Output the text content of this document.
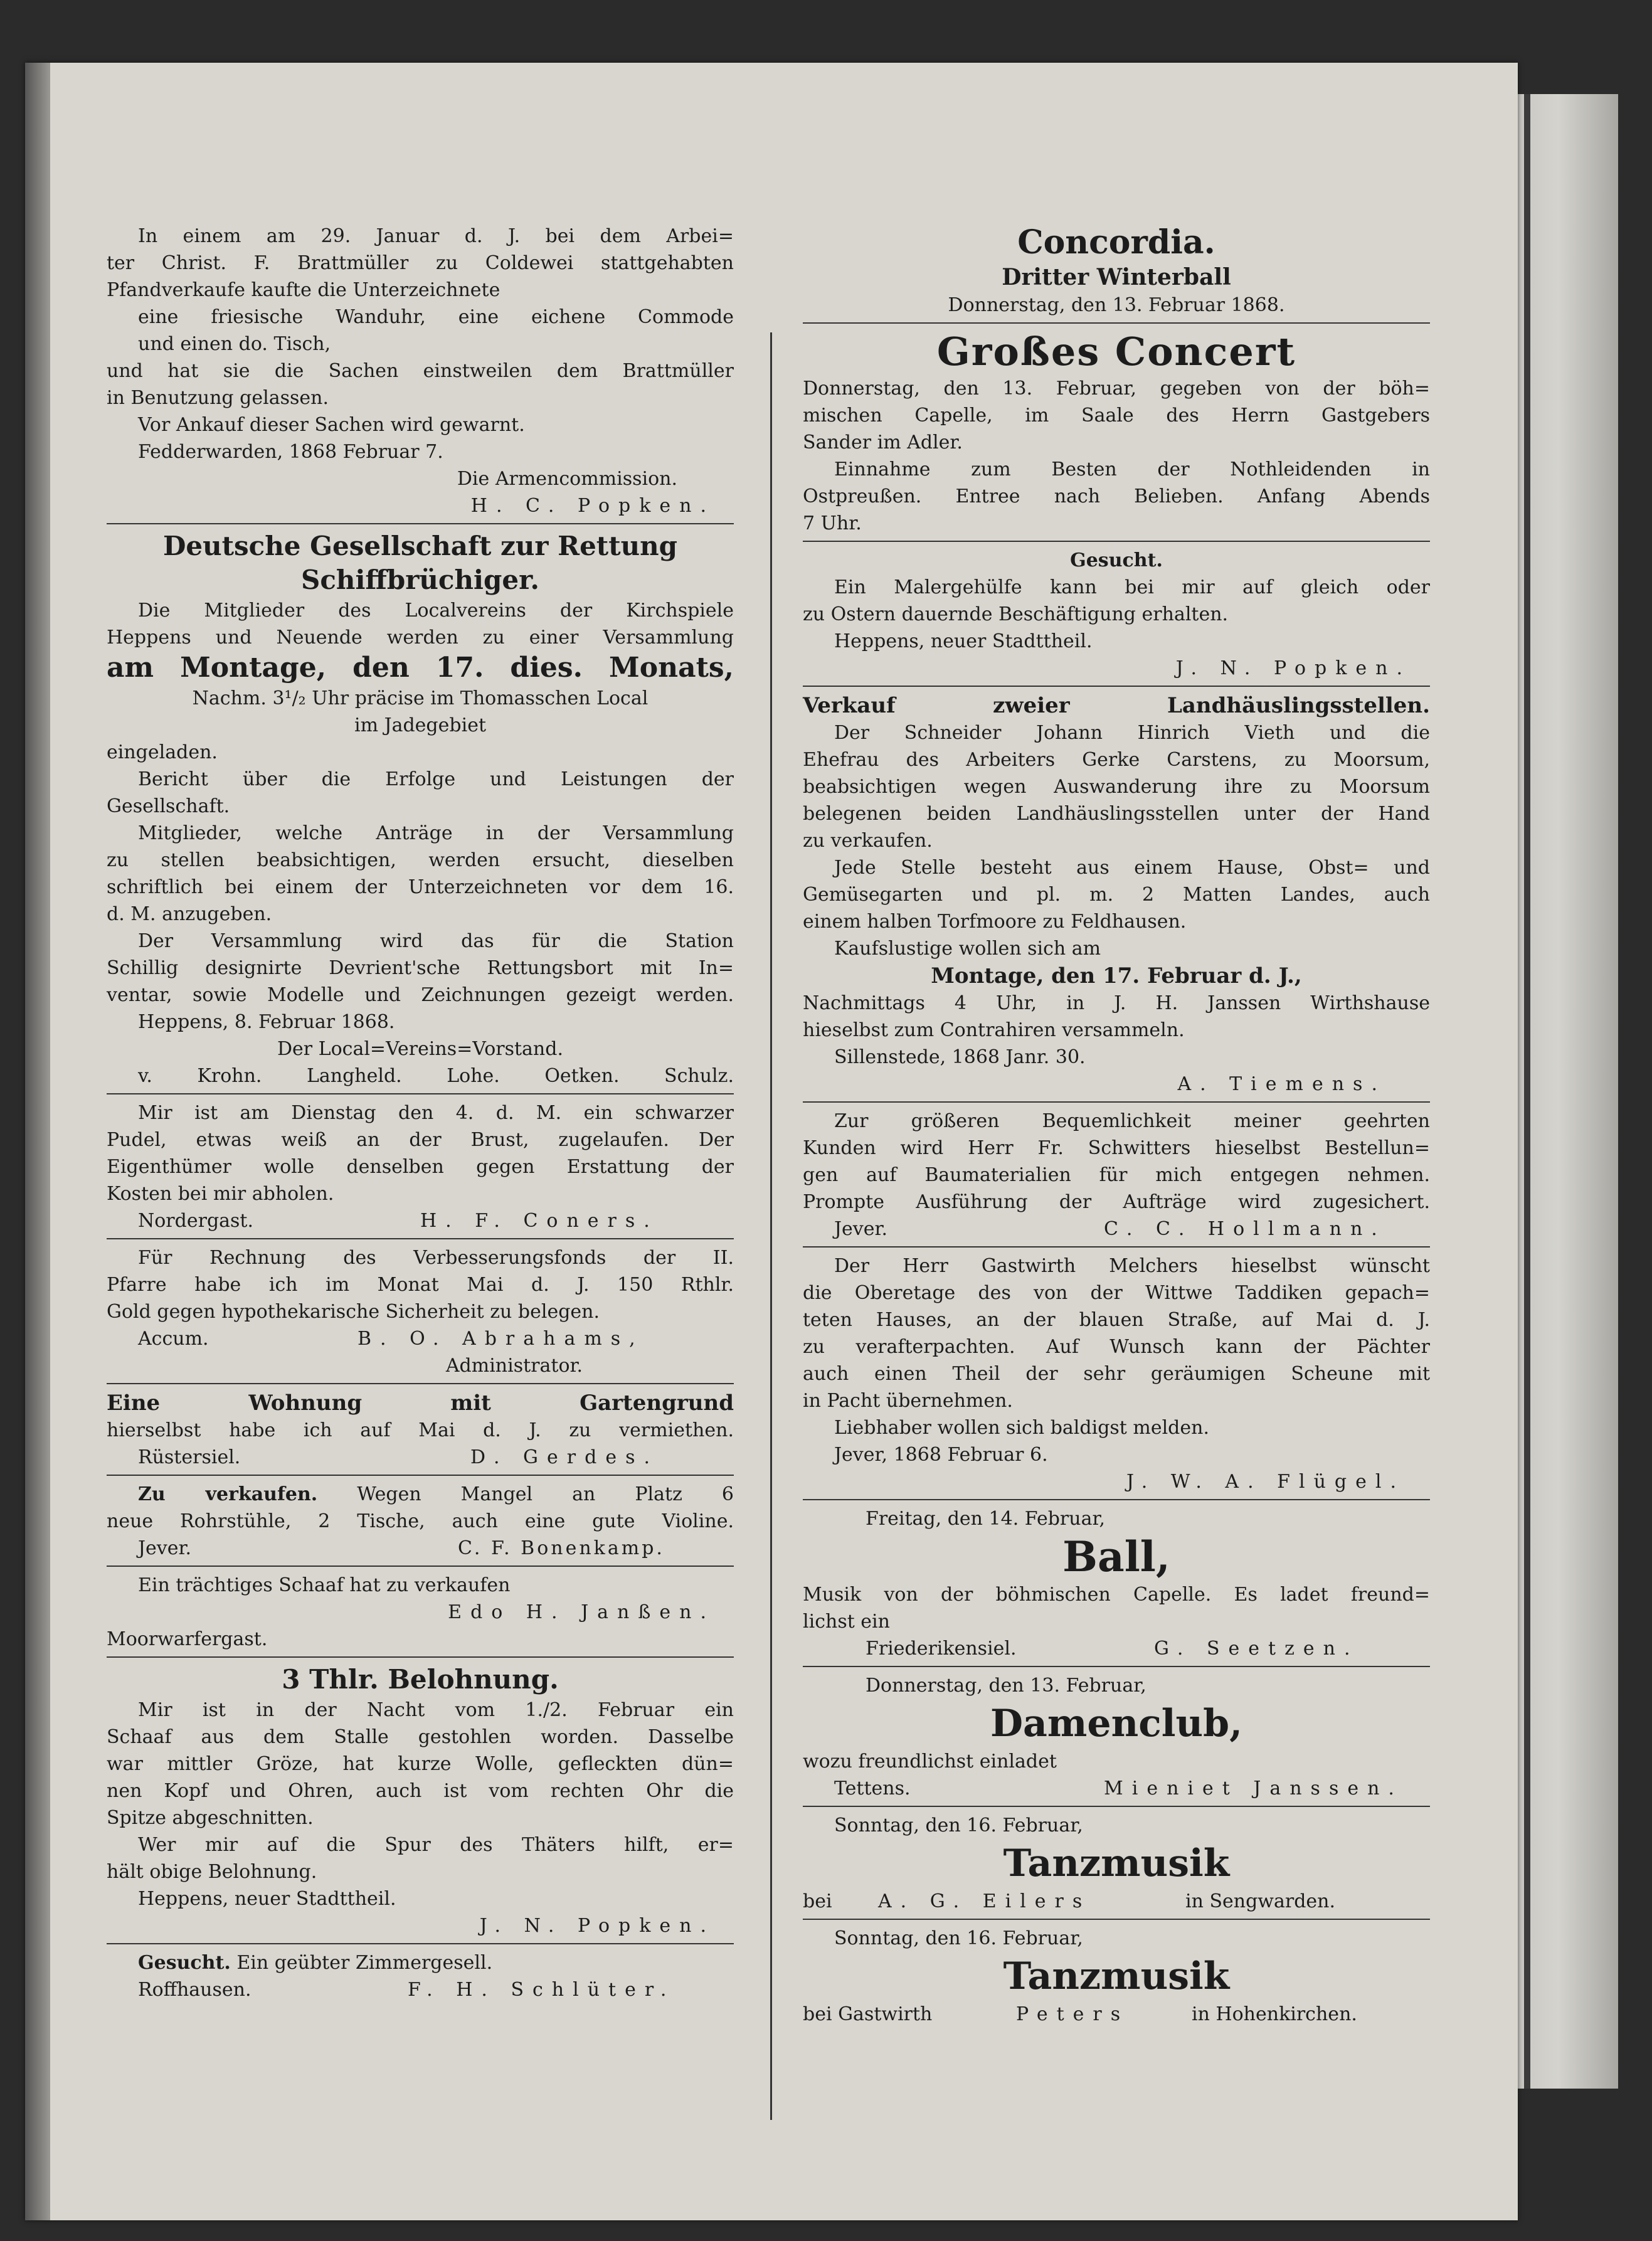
In einem am 29. Januar d. J. bei dem Arbei=
ter Christ. F. Brattmüller zu Coldewei stattgehabten
Pfandverkaufe kaufte die Unterzeichnete
eine friesische Wanduhr, eine eichene Commode
und einen do. Tisch,
und hat sie die Sachen einstweilen dem Brattmüller
in Benutzung gelassen.
Vor Ankauf dieser Sachen wird gewarnt.
Fedderwarden, 1868 Februar 7.
Die Armencommission.
H. C. Popken.
Deutsche Gesellschaft zur Rettung
Schiffbrüchiger.
Die Mitglieder des Localvereins der Kirchspiele
Heppens und Neuende werden zu einer Versammlung
am Montage, den 17. dies. Monats,
Nachm. 3¹/₂ Uhr präcise im Thomasschen Local
im Jadegebiet
eingeladen.
Bericht über die Erfolge und Leistungen der
Gesellschaft.
Mitglieder, welche Anträge in der Versammlung
zu stellen beabsichtigen, werden ersucht, dieselben
schriftlich bei einem der Unterzeichneten vor dem 16.
d. M. anzugeben.
Der Versammlung wird das für die Station
Schillig designirte Devrient'sche Rettungsbort mit In=
ventar, sowie Modelle und Zeichnungen gezeigt werden.
Heppens, 8. Februar 1868.
Der Local=Vereins=Vorstand.
v. Krohn. Langheld. Lohe. Oetken. Schulz.
Mir ist am Dienstag den 4. d. M. ein schwarzer
Pudel, etwas weiß an der Brust, zugelaufen. Der
Eigenthümer wolle denselben gegen Erstattung der
Kosten bei mir abholen.
Nordergast.	H. F. Coners.
Für Rechnung des Verbesserungsfonds der II.
Pfarre habe ich im Monat Mai d. J. 150 Rthlr.
Gold gegen hypothekarische Sicherheit zu belegen.
Accum.	B. O. Abrahams,
Administrator.
Eine Wohnung mit Gartengrund
hierselbst habe ich auf Mai d. J. zu vermiethen.
Rüstersiel.	D. Gerdes.
Zu verkaufen. Wegen Mangel an Platz 6
neue Rohrstühle, 2 Tische, auch eine gute Violine.
Jever.	C. F. Bonenkamp.
Ein trächtiges Schaaf hat zu verkaufen
Edo H. Janßen.
Moorwarfergast.
3 Thlr. Belohnung.
Mir ist in der Nacht vom 1./2. Februar ein
Schaaf aus dem Stalle gestohlen worden. Dasselbe
war mittler Gröze, hat kurze Wolle, gefleckten dün=
nen Kopf und Ohren, auch ist vom rechten Ohr die
Spitze abgeschnitten.
Wer mir auf die Spur des Thäters hilft, er=
hält obige Belohnung.
Heppens, neuer Stadttheil.
J. N. Popken.
Gesucht. Ein geübter Zimmergesell.
Roffhausen.	F. H. Schlüter.
Concordia.
Dritter Winterball
Donnerstag, den 13. Februar 1868.
Großes Concert
Donnerstag, den 13. Februar, gegeben von der böh=
mischen Capelle, im Saale des Herrn Gastgebers
Sander im Adler.
Einnahme zum Besten der Nothleidenden in
Ostpreußen. Entree nach Belieben. Anfang Abends
7 Uhr.
Gesucht.
Ein Malergehülfe kann bei mir auf gleich oder
zu Ostern dauernde Beschäftigung erhalten.
Heppens, neuer Stadttheil.
J. N. Popken.
Verkauf zweier Landhäuslingsstellen.
Der Schneider Johann Hinrich Vieth und die
Ehefrau des Arbeiters Gerke Carstens, zu Moorsum,
beabsichtigen wegen Auswanderung ihre zu Moorsum
belegenen beiden Landhäuslingsstellen unter der Hand
zu verkaufen.
Jede Stelle besteht aus einem Hause, Obst= und
Gemüsegarten und pl. m. 2 Matten Landes, auch
einem halben Torfmoore zu Feldhausen.
Kaufslustige wollen sich am
Montage, den 17. Februar d. J.,
Nachmittags 4 Uhr, in J. H. Janssen Wirthshause
hieselbst zum Contrahiren versammeln.
Sillenstede, 1868 Janr. 30.
A. Tiemens.
Zur größeren Bequemlichkeit meiner geehrten
Kunden wird Herr Fr. Schwitters hieselbst Bestellun=
gen auf Baumaterialien für mich entgegen nehmen.
Prompte Ausführung der Aufträge wird zugesichert.
Jever.	C. C. Hollmann.
Der Herr Gastwirth Melchers hieselbst wünscht
die Oberetage des von der Wittwe Taddiken gepach=
teten Hauses, an der blauen Straße, auf Mai d. J.
zu verafterpachten. Auf Wunsch kann der Pächter
auch einen Theil der sehr geräumigen Scheune mit
in Pacht übernehmen.
Liebhaber wollen sich baldigst melden.
Jever, 1868 Februar 6.
J. W. A. Flügel.
Freitag, den 14. Februar,
Ball,
Musik von der böhmischen Capelle. Es ladet freund=
lichst ein
Friederikensiel.	G. Seetzen.
Donnerstag, den 13. Februar,
Damenclub,
wozu freundlichst einladet
Tettens.	Mieniet Janssen.
Sonntag, den 16. Februar,
Tanzmusik
bei A. G. Eilers	in Sengwarden.
Sonntag, den 16. Februar,
Tanzmusik
bei Gastwirth	Peters	in Hohenkirchen.
